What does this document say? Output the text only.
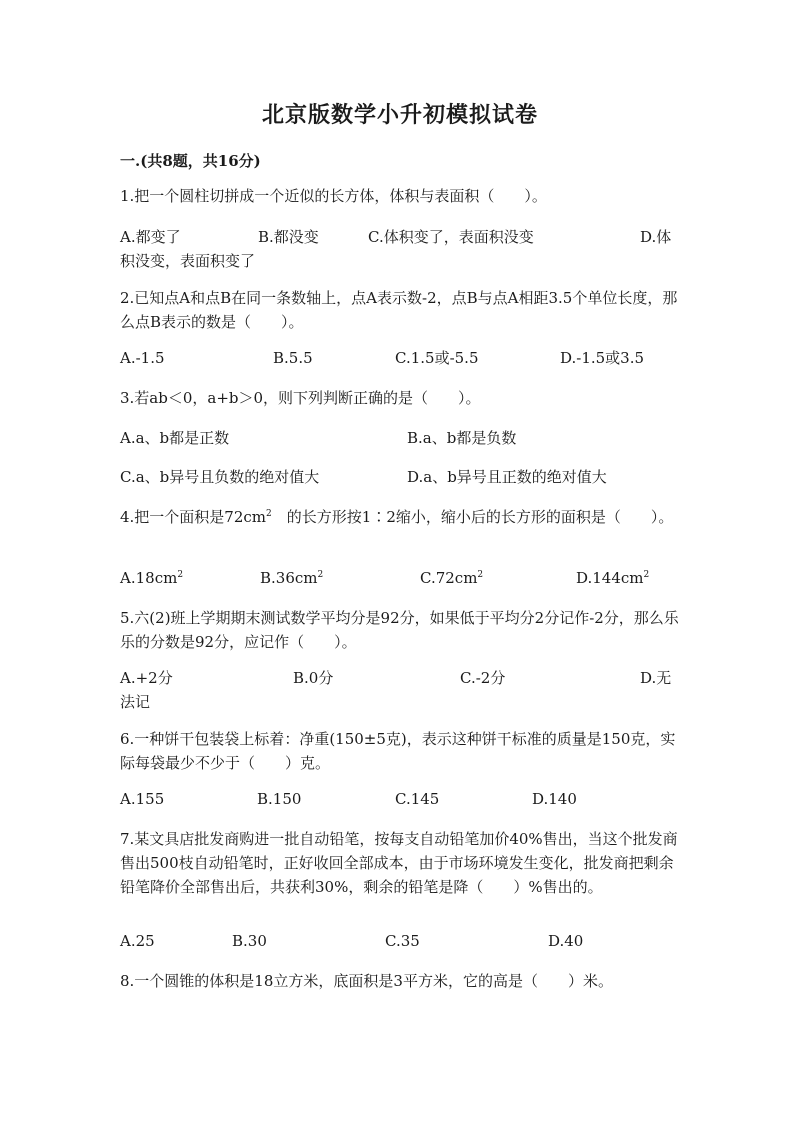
北京版数学小升初模拟试卷
一.(共8题，共16分)
1.把一个圆柱切拼成一个近似的长方体，体积与表面积（　　）。
A.都变了	B.都没变	C.体积变了，表面积没变	D.体
积没变，表面积变了
2.已知点A和点B在同一条数轴上，点A表示数-2，点B与点A相距3.5个单位长度，那么点B表示的数是（　　）。
A.-1.5	B.5.5	C.1.5或-5.5	D.-1.5或3.5
3.若ab＜0，a+b＞0，则下列判断正确的是（　　）。
A.a、b都是正数	B.a、b都是负数
C.a、b异号且负数的绝对值大	D.a、b异号且正数的绝对值大
4.把一个面积是$72cm^2$　 的长方形按1∶2缩小，缩小后的长方形的面积是（　　）。
$A.18cm^2$	$B.36cm^2$	$C.72cm^2$	$D.144cm^2$
5.六(2)班上学期期末测试数学平均分是92分，如果低于平均分2分记作-2分，那么乐乐的分数是92分，应记作（　　）。
A.+2分	B.0分	C.-2分	D.无
法记
6.一种饼干包装袋上标着：净重(150±5克)，表示这种饼干标准的质量是150克，实际每袋最少不少于（　　）克。
A.155	B.150	C.145	D.140
7.某文具店批发商购进一批自动铅笔，按每支自动铅笔加价40%售出，当这个批发商售出500枝自动铅笔时，正好收回全部成本，由于市场环境发生变化，批发商把剩余铅笔降价全部售出后，共获利30%，剩余的铅笔是降（　　）%售出的。
A.25	B.30	C.35	D.40
8.一个圆锥的体积是18立方米，底面积是3平方米，它的高是（　　）米。
